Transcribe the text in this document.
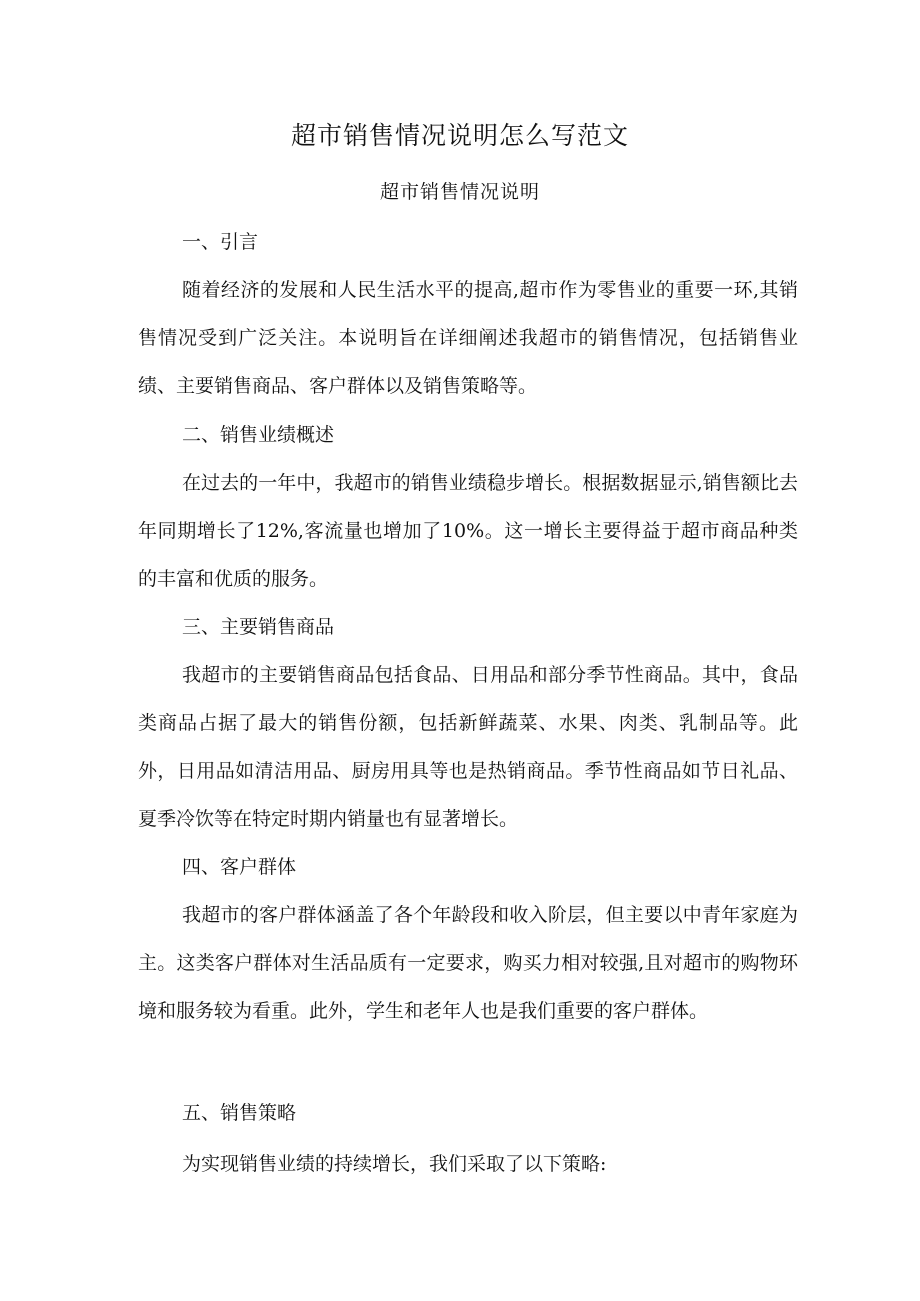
超市销售情况说明怎么写范文
超市销售情况说明

一、引言

随着经济的发展和人民生活水平的提高,超市作为零售业的重要一环,其销售情况受到广泛关注。本说明旨在详细阐述我超市的销售情况，包括销售业绩、主要销售商品、客户群体以及销售策略等。

二、销售业绩概述

在过去的一年中，我超市的销售业绩稳步增长。根据数据显示,销售额比去年同期增长了12%,客流量也增加了10%。这一增长主要得益于超市商品种类的丰富和优质的服务。

三、主要销售商品

我超市的主要销售商品包括食品、日用品和部分季节性商品。其中，食品类商品占据了最大的销售份额，包括新鲜蔬菜、水果、肉类、乳制品等。此外，日用品如清洁用品、厨房用具等也是热销商品。季节性商品如节日礼品、夏季冷饮等在特定时期内销量也有显著增长。

四、客户群体

我超市的客户群体涵盖了各个年龄段和收入阶层，但主要以中青年家庭为主。这类客户群体对生活品质有一定要求，购买力相对较强,且对超市的购物环境和服务较为看重。此外，学生和老年人也是我们重要的客户群体。

五、销售策略

为实现销售业绩的持续增长，我们采取了以下策略:
